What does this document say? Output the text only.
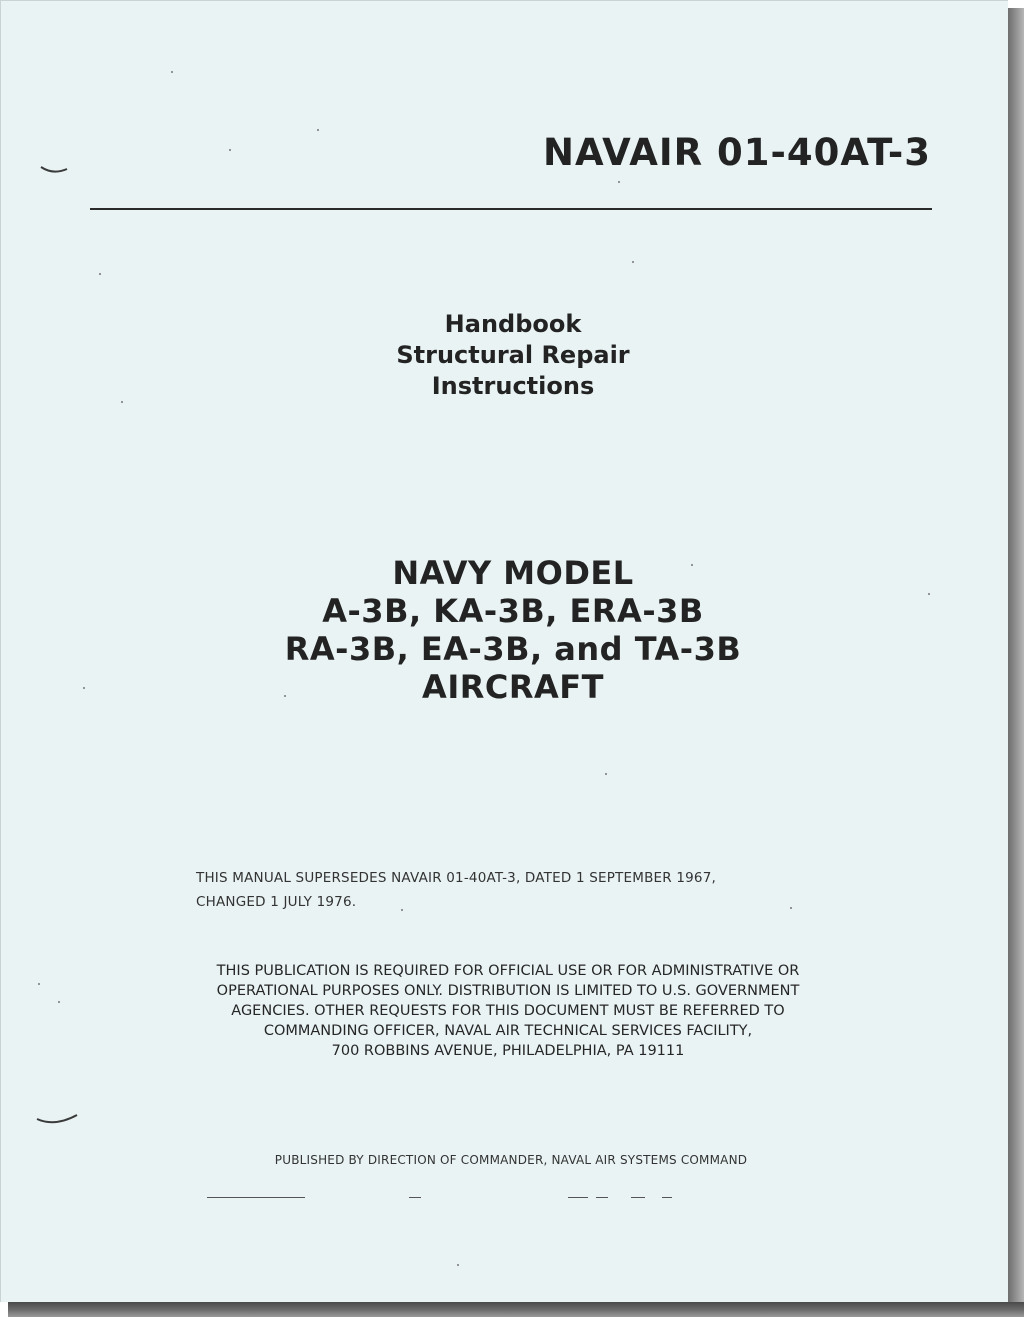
NAVAIR 01-40AT-3
Handbook
Structural Repair
Instructions
NAVY MODEL
A-3B, KA-3B, ERA-3B
RA-3B, EA-3B, and TA-3B
AIRCRAFT
THIS MANUAL SUPERSEDES NAVAIR 01-40AT-3, DATED 1 SEPTEMBER 1967,
CHANGED 1 JULY 1976.
THIS PUBLICATION IS REQUIRED FOR OFFICIAL USE OR FOR ADMINISTRATIVE OR
OPERATIONAL PURPOSES ONLY. DISTRIBUTION IS LIMITED TO U.S. GOVERNMENT
AGENCIES. OTHER REQUESTS FOR THIS DOCUMENT MUST BE REFERRED TO
COMMANDING OFFICER, NAVAL AIR TECHNICAL SERVICES FACILITY,
700 ROBBINS AVENUE, PHILADELPHIA, PA 19111
PUBLISHED BY DIRECTION OF COMMANDER, NAVAL AIR SYSTEMS COMMAND
